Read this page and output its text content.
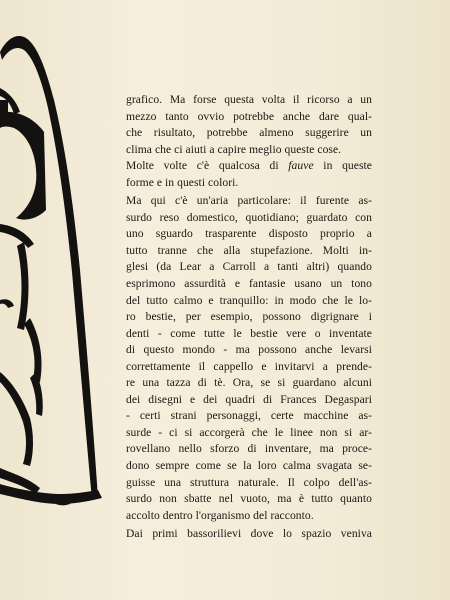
grafico. Ma forse questa volta il ricorso a un
mezzo tanto ovvio potrebbe anche dare qual-
che risultato, potrebbe almeno suggerire un
clima che ci aiuti a capire meglio queste cose.
Molte volte c'è qualcosa di fauve in queste
forme e in questi colori.
Ma qui c'è un'aria particolare: il furente as-
surdo reso domestico, quotidiano; guardato con
uno sguardo trasparente disposto proprio a
tutto tranne che alla stupefazione. Molti in-
glesi (da Lear a Carroll a tanti altri) quando
esprimono assurdità e fantasie usano un tono
del tutto calmo e tranquillo: in modo che le lo-
ro bestie, per esempio, possono digrignare i
denti - come tutte le bestie vere o inventate
di questo mondo - ma possono anche levarsi
correttamente il cappello e invitarvi a prende-
re una tazza di tè. Ora, se si guardano alcuni
dei disegni e dei quadri di Frances Degaspari
- certi strani personaggi, certe macchine as-
surde - ci si accorgerà che le linee non si ar-
rovellano nello sforzo di inventare, ma proce-
dono sempre come se la loro calma svagata se-
guisse una struttura naturale. Il colpo dell'as-
surdo non sbatte nel vuoto, ma è tutto quanto
accolto dentro l'organismo del racconto.
Dai primi bassorilievi dove lo spazio veniva
